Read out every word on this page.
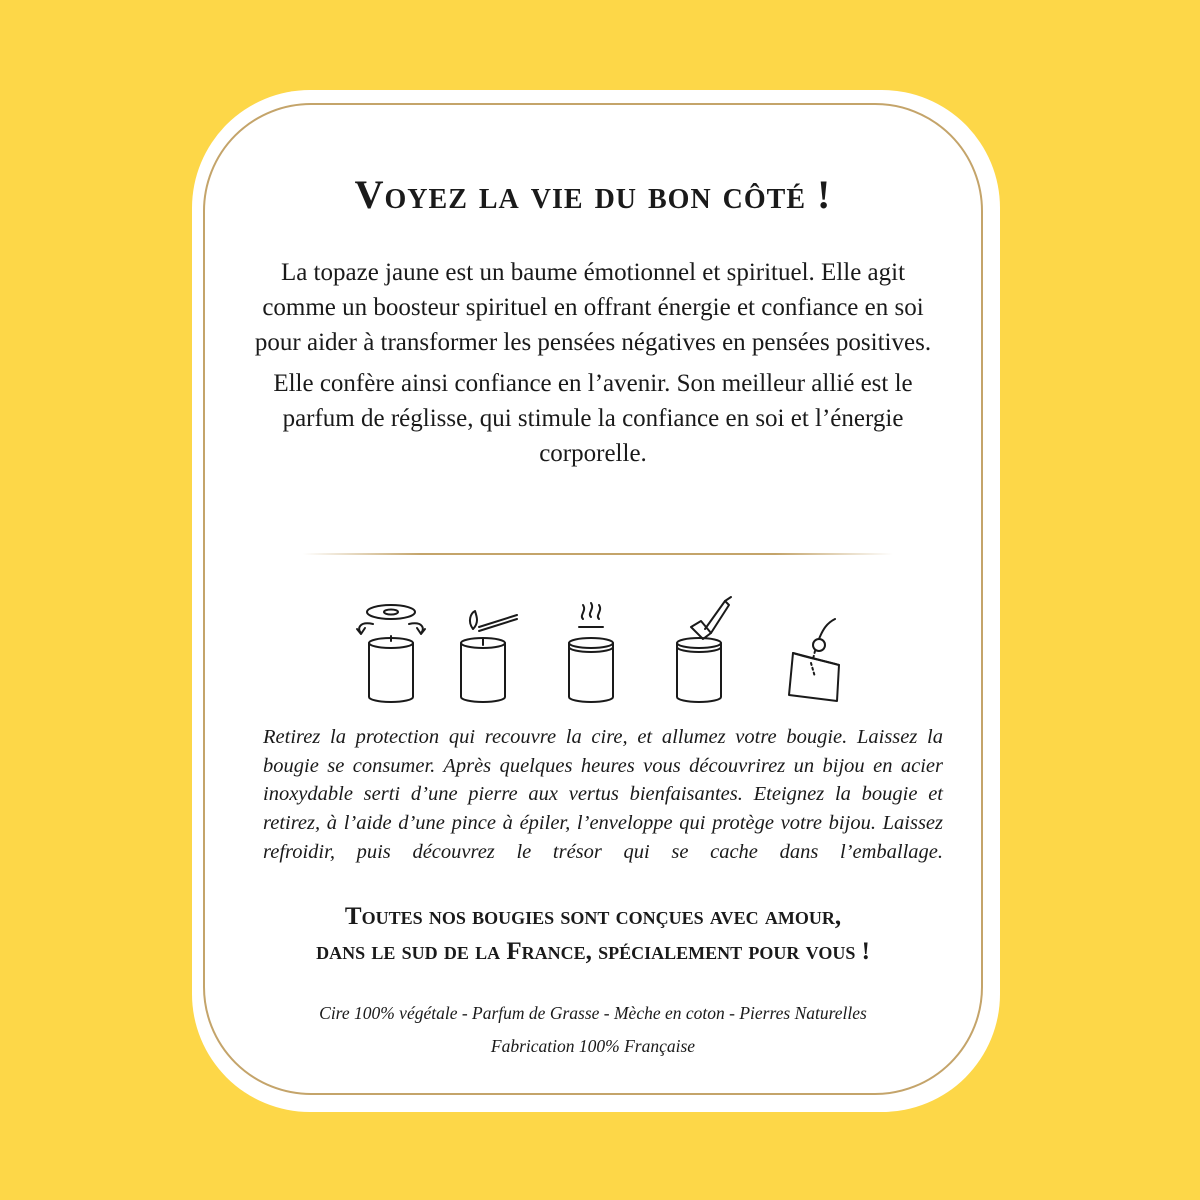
Voyez la vie du bon côté !

La topaze jaune est un baume émotionnel et spirituel. Elle agit comme un boosteur spirituel en offrant énergie et confiance en soi pour aider à transformer les pensées négatives en pensées positives.

Elle confère ainsi confiance en l’avenir. Son meilleur allié est le parfum de réglisse, qui stimule la confiance en soi et l’énergie corporelle.

Retirez la protection qui recouvre la cire, et allumez votre bougie. Laissez la bougie se consumer. Après quelques heures vous découvrirez un bijou en acier inoxydable serti d’une pierre aux vertus bienfaisantes. Eteignez la bougie et retirez, à l’aide d’une pince à épiler, l’enveloppe qui protège votre bijou. Laissez refroidir, puis découvrez le trésor qui se cache dans l’emballage.

Toutes nos bougies sont conçues avec amour,
dans le sud de la France, spécialement pour vous !

Cire 100% végétale - Parfum de Grasse - Mèche en coton - Pierres Naturelles
Fabrication 100% Française
